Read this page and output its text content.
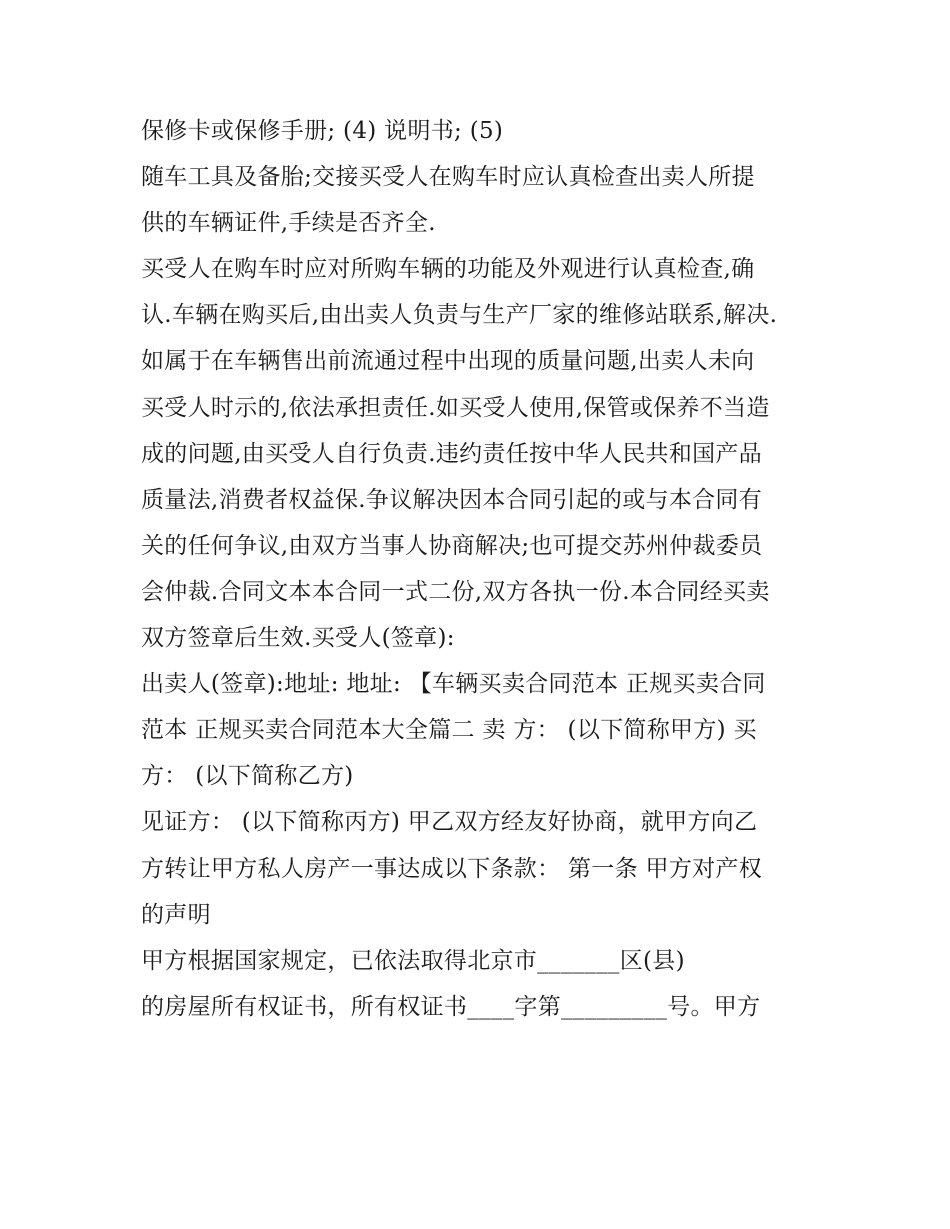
保修卡或保修手册; (4) 说明书; (5)
随车工具及备胎;交接买受人在购车时应认真检查出卖人所提
供的车辆证件,手续是否齐全.
买受人在购车时应对所购车辆的功能及外观进行认真检查,确
认.车辆在购买后,由出卖人负责与生产厂家的维修站联系,解决.
如属于在车辆售出前流通过程中出现的质量问题,出卖人未向
买受人时示的,依法承担责任.如买受人使用,保管或保养不当造
成的问题,由买受人自行负责.违约责任按中华人民共和国产品
质量法,消费者权益保.争议解决因本合同引起的或与本合同有
关的任何争议,由双方当事人协商解决;也可提交苏州仲裁委员
会仲裁.合同文本本合同一式二份,双方各执一份.本合同经买卖
双方签章后生效.买受人(签章):
出卖人(签章):地址: 地址: 【车辆买卖合同范本 正规买卖合同
范本 正规买卖合同范本大全篇二 卖 方： (以下简称甲方) 买
方： (以下简称乙方)
见证方： (以下简称丙方) 甲乙双方经友好协商，就甲方向乙
方转让甲方私人房产一事达成以下条款： 第一条 甲方对产权
的声明
甲方根据国家规定，已依法取得北京市_______区(县)
的房屋所有权证书，所有权证书____字第_________号。甲方
